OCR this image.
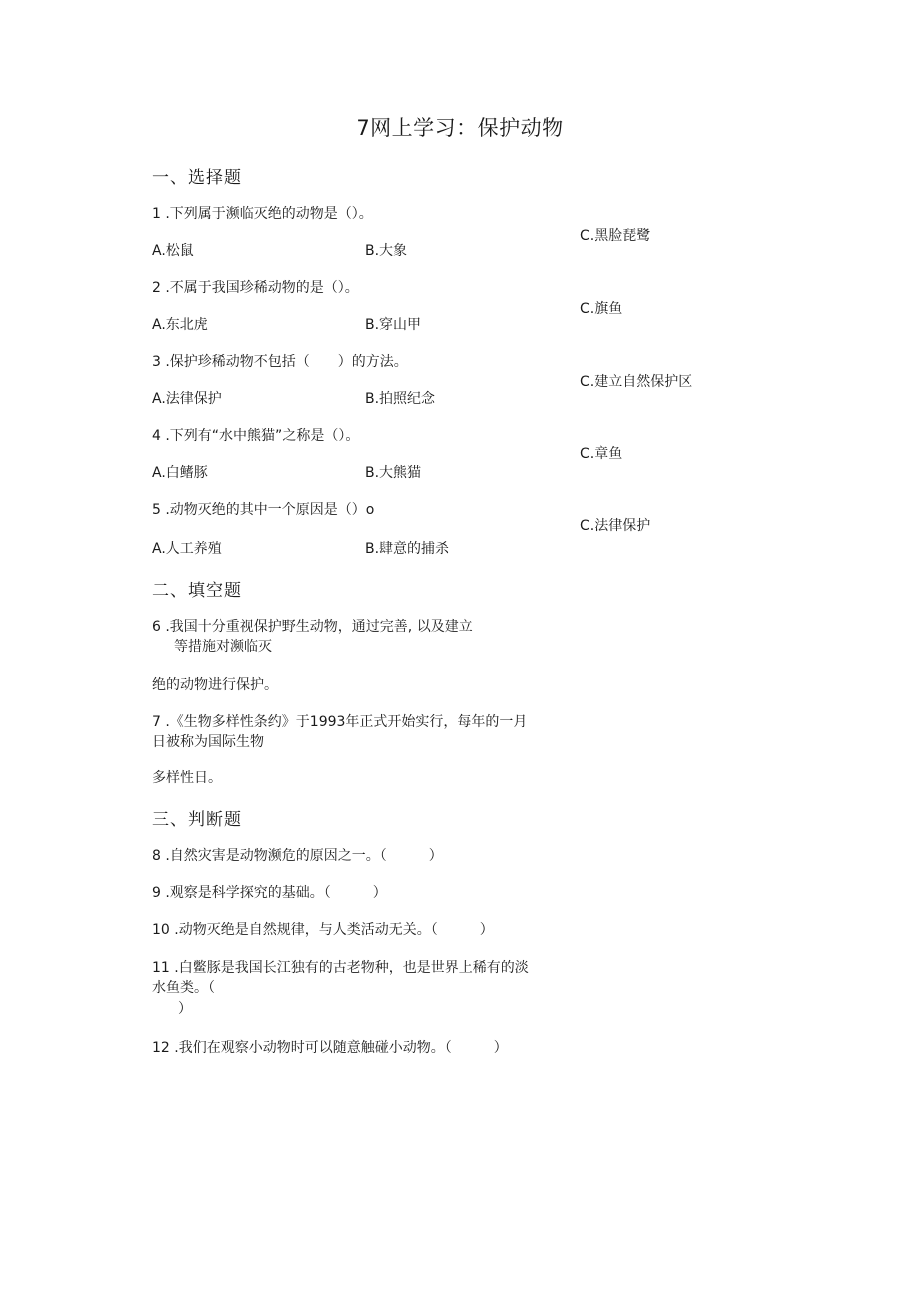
7网上学习：保护动物
一、选择题
1 .下列属于濒临灭绝的动物是（）。
A.松鼠	B.大象
C.黑脸琵鹭
2 .不属于我国珍稀动物的是（）。
A.东北虎	B.穿山甲
C.旗鱼
3 .保护珍稀动物不包括（　　）的方法。
A.法律保护	B.拍照纪念
C.建立自然保护区
4 .下列有“水中熊猫”之称是（）。
A.白鳍豚	B.大熊猫
C.章鱼
5 .动物灭绝的其中一个原因是（）o
A.人工养殖	B.肆意的捕杀
C.法律保护
二、填空题
6 .我国十分重视保护野生动物，通过完善, 以及建立
等措施对濒临灭
绝的动物进行保护。
7 .《生物多样性条约》于1993年正式开始实行，每年的一月
日被称为国际生物
多样性日。
三、判断题
8 .自然灾害是动物濒危的原因之一。（　　　）
9 .观察是科学探究的基础。（　　　）
10 .动物灭绝是自然规律，与人类活动无关。（　　　）
11 .白鳖豚是我国长江独有的古老物种，也是世界上稀有的淡
水鱼类。（
）
12 .我们在观察小动物时可以随意触碰小动物。（　　　）
